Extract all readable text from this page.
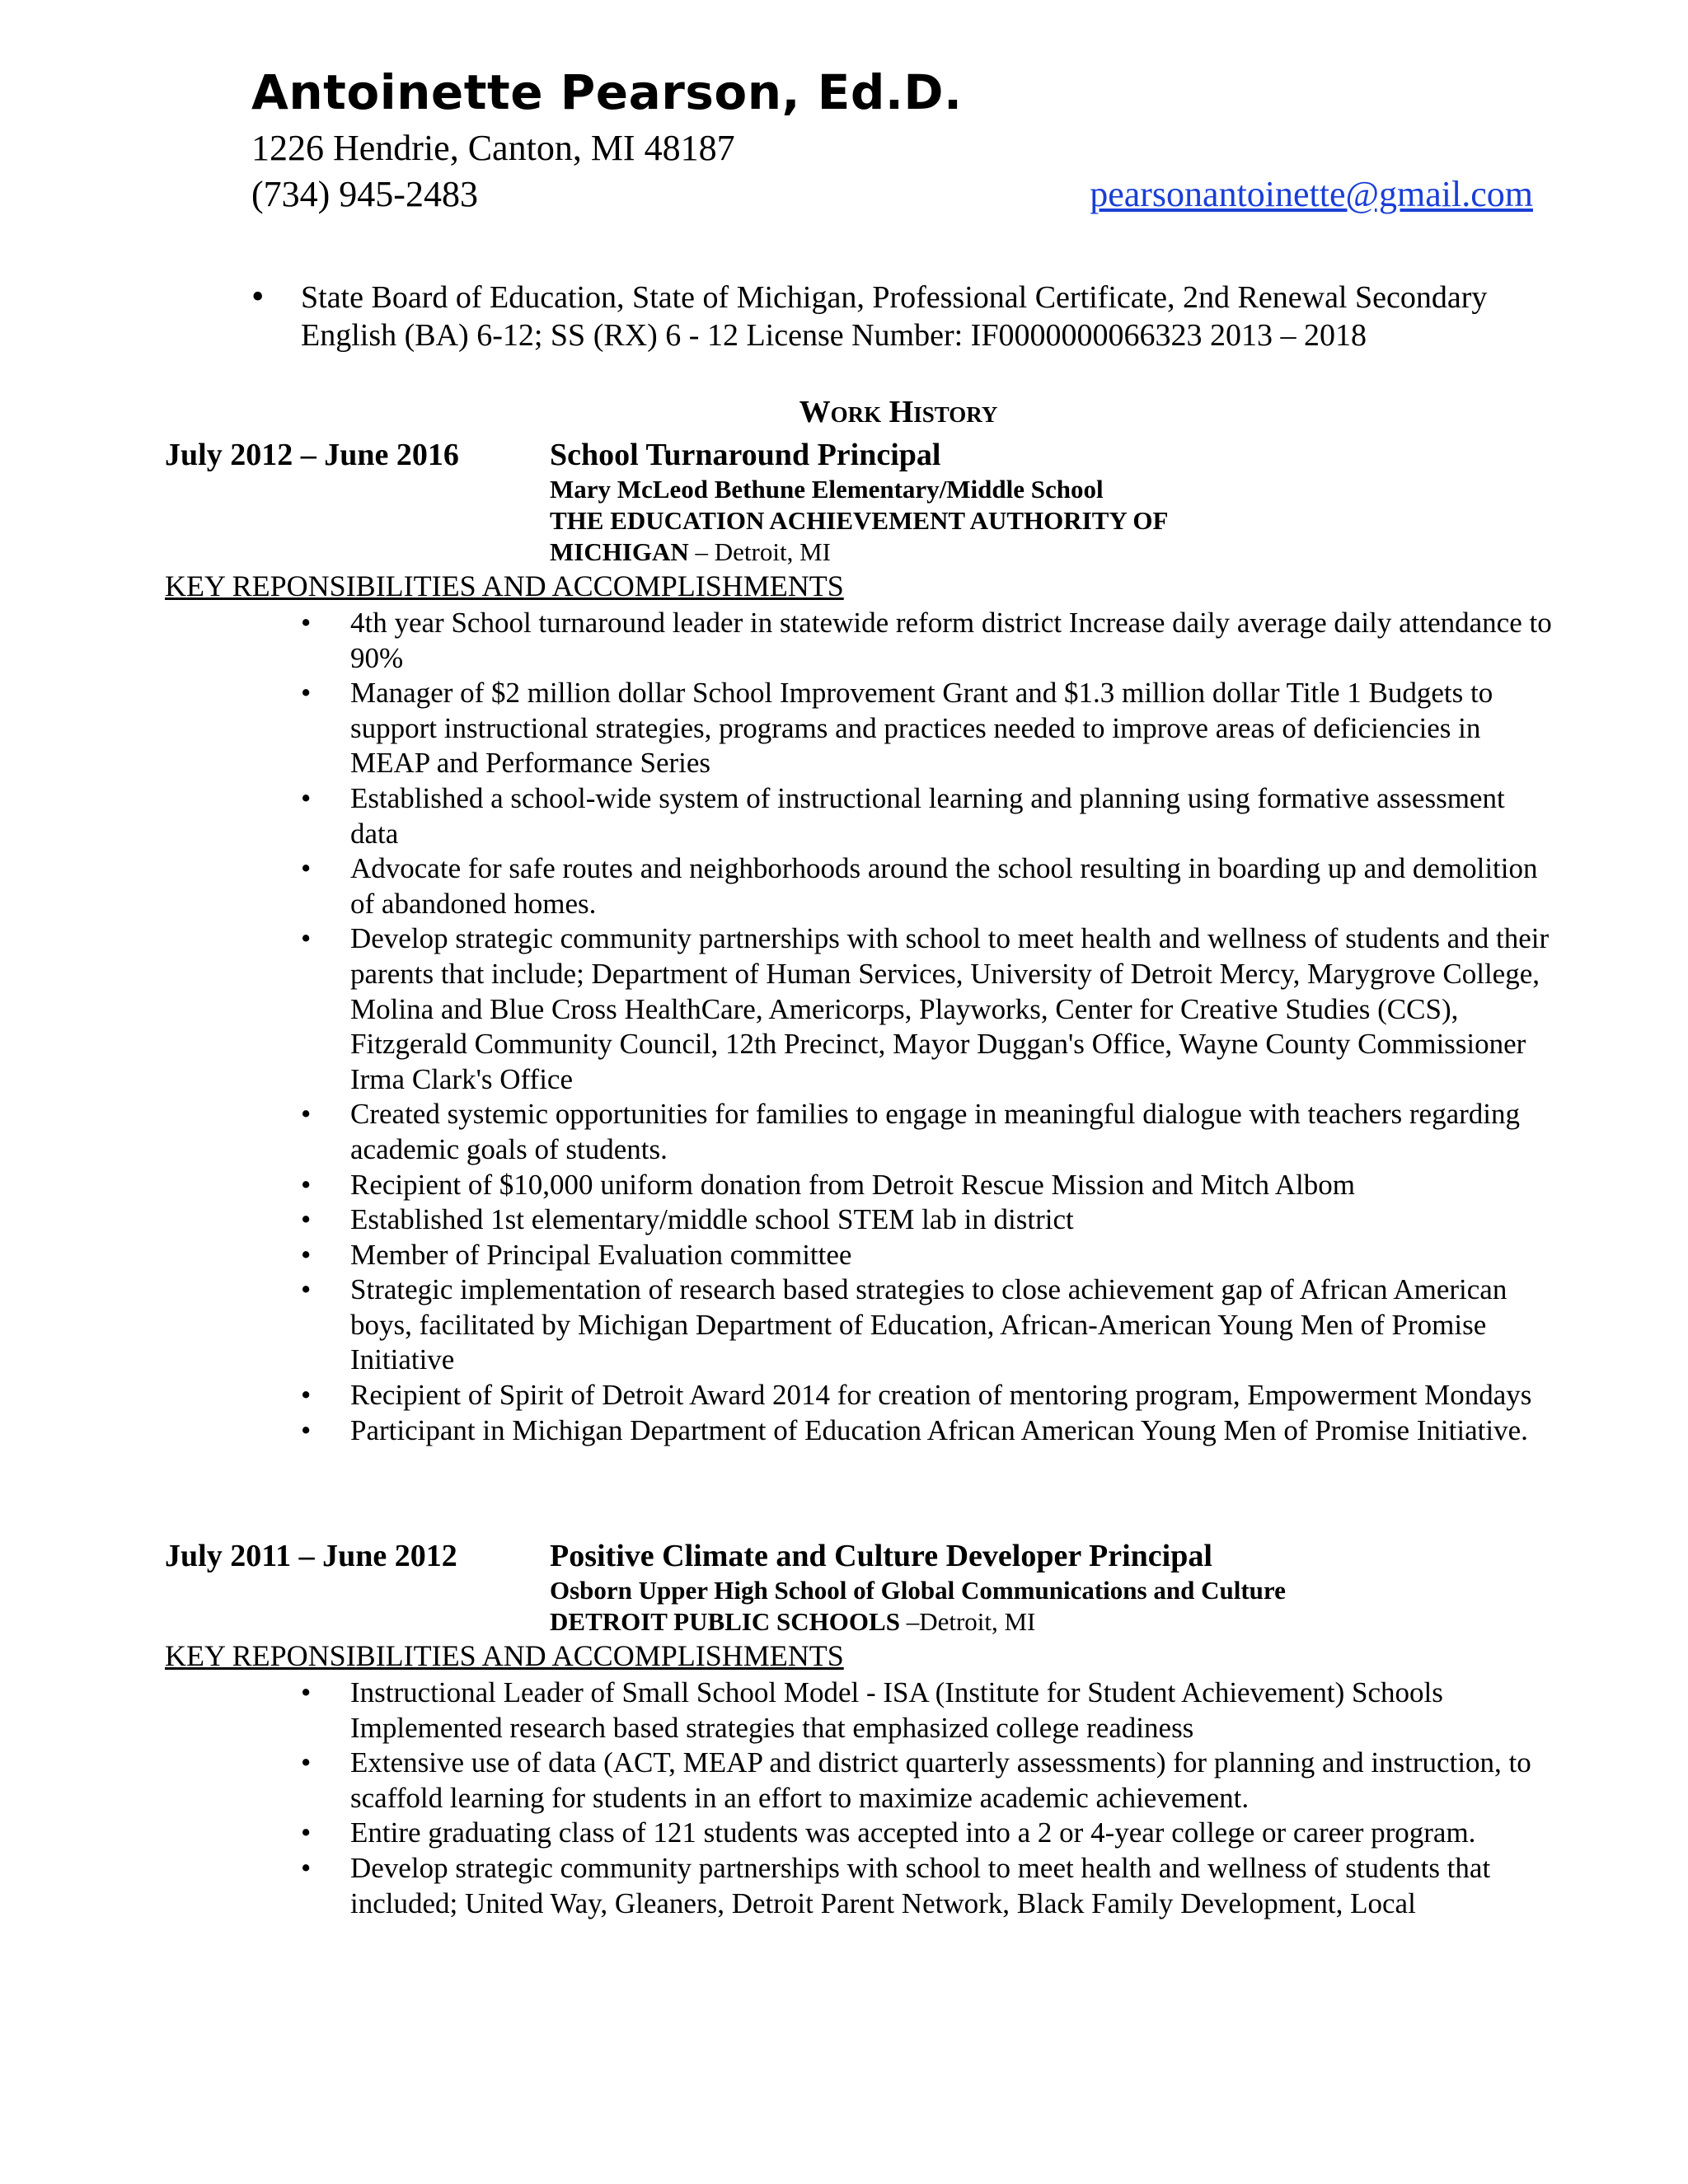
Antoinette Pearson, Ed.D.
1226 Hendrie, Canton, MI 48187
(734) 945-2483	pearsonantoinette@gmail.com
• State Board of Education, State of Michigan, Professional Certificate, 2nd Renewal Secondary English (BA) 6-12; SS (RX) 6 - 12 License Number: IF0000000066323 2013 – 2018
Work History
July 2012 – June 2016	School Turnaround Principal
Mary McLeod Bethune Elementary/Middle School
THE EDUCATION ACHIEVEMENT AUTHORITY OF
MICHIGAN – Detroit, MI
KEY REPONSIBILITIES AND ACCOMPLISHMENTS
• 4th year School turnaround leader in statewide reform district Increase daily average daily attendance to 90%
• Manager of $2 million dollar School Improvement Grant and $1.3 million dollar Title 1 Budgets to support instructional strategies, programs and practices needed to improve areas of deficiencies in MEAP and Performance Series
• Established a school-wide system of instructional learning and planning using formative assessment data
• Advocate for safe routes and neighborhoods around the school resulting in boarding up and demolition of abandoned homes.
• Develop strategic community partnerships with school to meet health and wellness of students and their parents that include; Department of Human Services, University of Detroit Mercy, Marygrove College, Molina and Blue Cross HealthCare, Americorps, Playworks, Center for Creative Studies (CCS), Fitzgerald Community Council, 12th Precinct, Mayor Duggan's Office, Wayne County Commissioner Irma Clark's Office
• Created systemic opportunities for families to engage in meaningful dialogue with teachers regarding academic goals of students.
• Recipient of $10,000 uniform donation from Detroit Rescue Mission and Mitch Albom
• Established 1st elementary/middle school STEM lab in district
• Member of Principal Evaluation committee
• Strategic implementation of research based strategies to close achievement gap of African American boys, facilitated by Michigan Department of Education, African-American Young Men of Promise Initiative
• Recipient of Spirit of Detroit Award 2014 for creation of mentoring program, Empowerment Mondays
• Participant in Michigan Department of Education African American Young Men of Promise Initiative.
July 2011 – June 2012	Positive Climate and Culture Developer Principal
Osborn Upper High School of Global Communications and Culture
DETROIT PUBLIC SCHOOLS –Detroit, MI
KEY REPONSIBILITIES AND ACCOMPLISHMENTS
• Instructional Leader of Small School Model - ISA (Institute for Student Achievement) Schools Implemented research based strategies that emphasized college readiness
• Extensive use of data (ACT, MEAP and district quarterly assessments) for planning and instruction, to scaffold learning for students in an effort to maximize academic achievement.
• Entire graduating class of 121 students was accepted into a 2 or 4-year college or career program.
• Develop strategic community partnerships with school to meet health and wellness of students that included; United Way, Gleaners, Detroit Parent Network, Black Family Development, Local
